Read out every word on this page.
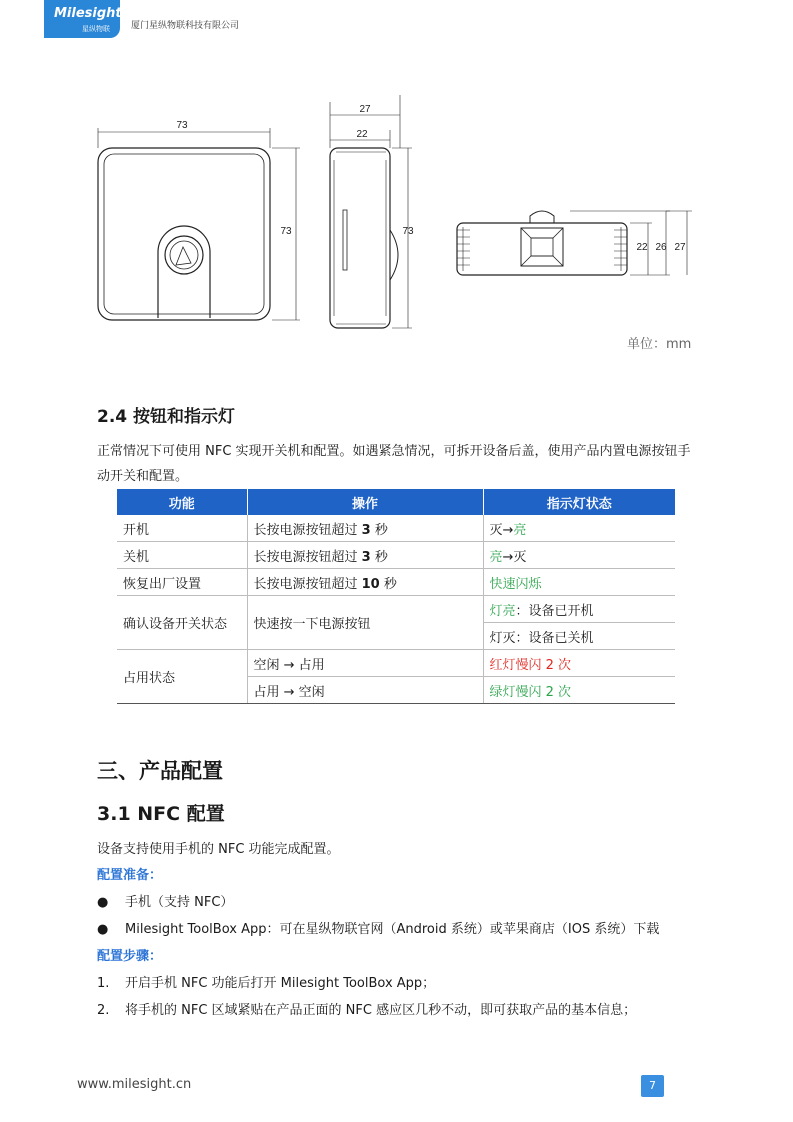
Milesight
星纵物联 厦门星纵物联科技有限公司
73
73
27
22
73
22 26 27
单位：mm
2.4 按钮和指示灯
正常情况下可使用 NFC 实现开关机和配置。如遇紧急情况，可拆开设备后盖，使用产品内置电源按钮手动开关和配置。
功能	操作	指示灯状态
开机	长按电源按钮超过 3 秒	灭→亮
关机	长按电源按钮超过 3 秒	亮→灭
恢复出厂设置	长按电源按钮超过 10 秒	快速闪烁
确认设备开关状态	快速按一下电源按钮	灯亮：设备已开机
		灯灭：设备已关机
占用状态	空闲 → 占用	红灯慢闪 2 次
	占用 → 空闲	绿灯慢闪 2 次
三、产品配置
3.1 NFC 配置
设备支持使用手机的 NFC 功能完成配置。
配置准备：
● 手机（支持 NFC）
● Milesight ToolBox App：可在星纵物联官网（Android 系统）或苹果商店（IOS 系统）下载
配置步骤：
1. 开启手机 NFC 功能后打开 Milesight ToolBox App；
2. 将手机的 NFC 区域紧贴在产品正面的 NFC 感应区几秒不动，即可获取产品的基本信息；
www.milesight.cn	7
